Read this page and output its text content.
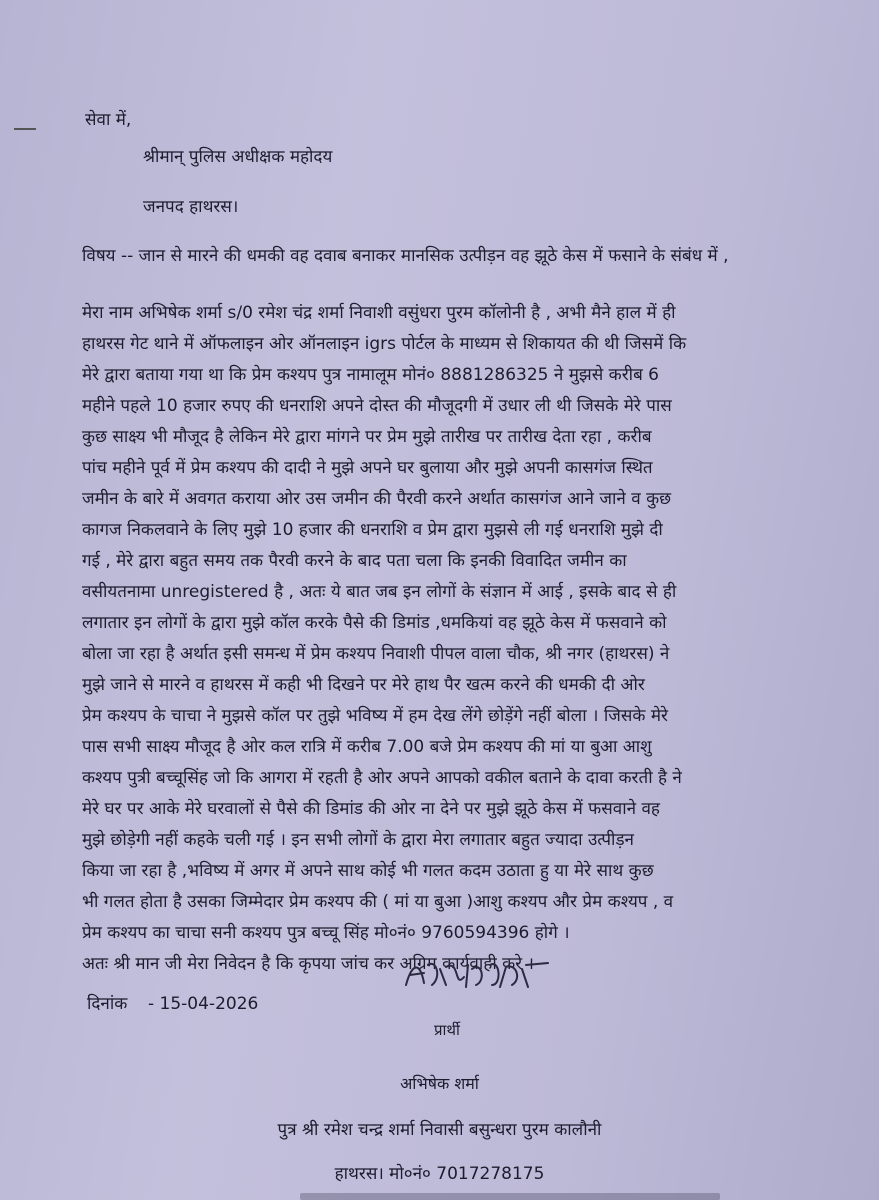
सेवा में,
श्रीमान् पुलिस अधीक्षक महोदय
जनपद हाथरस।
विषय -- जान से मारने की धमकी वह दवाब बनाकर मानसिक उत्पीड़न वह झूठे केस में फसाने के संबंध में ,
मेरा नाम अभिषेक शर्मा s/0 रमेश चंद्र शर्मा निवाशी वसुंधरा पुरम कॉलोनी है , अभी मैने हाल में ही
हाथरस गेट थाने में ऑफलाइन ओर ऑनलाइन igrs पोर्टल के माध्यम से शिकायत की थी जिसमें कि
मेरे द्वारा बताया गया था कि प्रेम कश्यप पुत्र नामालूम मोनं० 8881286325 ने मुझसे करीब 6
महीने पहले 10 हजार रुपए की धनराशि अपने दोस्त की मौजूदगी में उधार ली थी जिसके मेरे पास
कुछ साक्ष्य भी मौजूद है लेकिन मेरे द्वारा मांगने पर प्रेम मुझे तारीख पर तारीख देता रहा , करीब
पांच महीने पूर्व में प्रेम कश्यप की दादी ने मुझे अपने घर बुलाया और मुझे अपनी कासगंज स्थित
जमीन के बारे में अवगत कराया ओर उस जमीन की पैरवी करने अर्थात कासगंज आने जाने व कुछ
कागज निकलवाने के लिए मुझे 10 हजार की धनराशि व प्रेम द्वारा मुझसे ली गई धनराशि मुझे दी
गई , मेरे द्वारा बहुत समय तक पैरवी करने के बाद पता चला कि इनकी विवादित जमीन का
वसीयतनामा unregistered है , अतः ये बात जब इन लोगों के संज्ञान में आई , इसके बाद से ही
लगातार इन लोगों के द्वारा मुझे कॉल करके पैसे की डिमांड ,धमकियां वह झूठे केस में फसवाने को
बोला जा रहा है अर्थात इसी समन्ध में प्रेम कश्यप निवाशी पीपल वाला चौक, श्री नगर (हाथरस) ने
मुझे जाने से मारने व हाथरस में कही भी दिखने पर मेरे हाथ पैर खत्म करने की धमकी दी ओर
प्रेम कश्यप के चाचा ने मुझसे कॉल पर तुझे भविष्य में हम देख लेंगे छोड़ेंगे नहीं बोला । जिसके मेरे
पास सभी साक्ष्य मौजूद है ओर कल रात्रि में करीब 7.00 बजे प्रेम कश्यप की मां या बुआ आशु
कश्यप पुत्री बच्चूसिंह जो कि आगरा में रहती है ओर अपने आपको वकील बताने के दावा करती है ने
मेरे घर पर आके मेरे घरवालों से पैसे की डिमांड की ओर ना देने पर मुझे झूठे केस में फसवाने वह
मुझे छोड़ेगी नहीं कहके चली गई । इन सभी लोगों के द्वारा मेरा लगातार बहुत ज्यादा उत्पीड़न
किया जा रहा है ,भविष्य में अगर में अपने साथ कोई भी गलत कदम उठाता हु या मेरे साथ कुछ
भी गलत होता है उसका जिम्मेदार प्रेम कश्यप की ( मां या बुआ )आशु कश्यप और प्रेम कश्यप , व
प्रेम कश्यप का चाचा सनी कश्यप पुत्र बच्चू सिंह मो०नं० 9760594396 होगे ।
अतः श्री मान जी मेरा निवेदन है कि कृपया जांच कर अग्रिम कार्यवाही करे ।
दिनांक - 15-04-2026
प्रार्थी
अभिषेक शर्मा
पुत्र श्री रमेश चन्द्र शर्मा निवासी बसुन्धरा पुरम कालौनी
हाथरस। मो०नं० 7017278175
